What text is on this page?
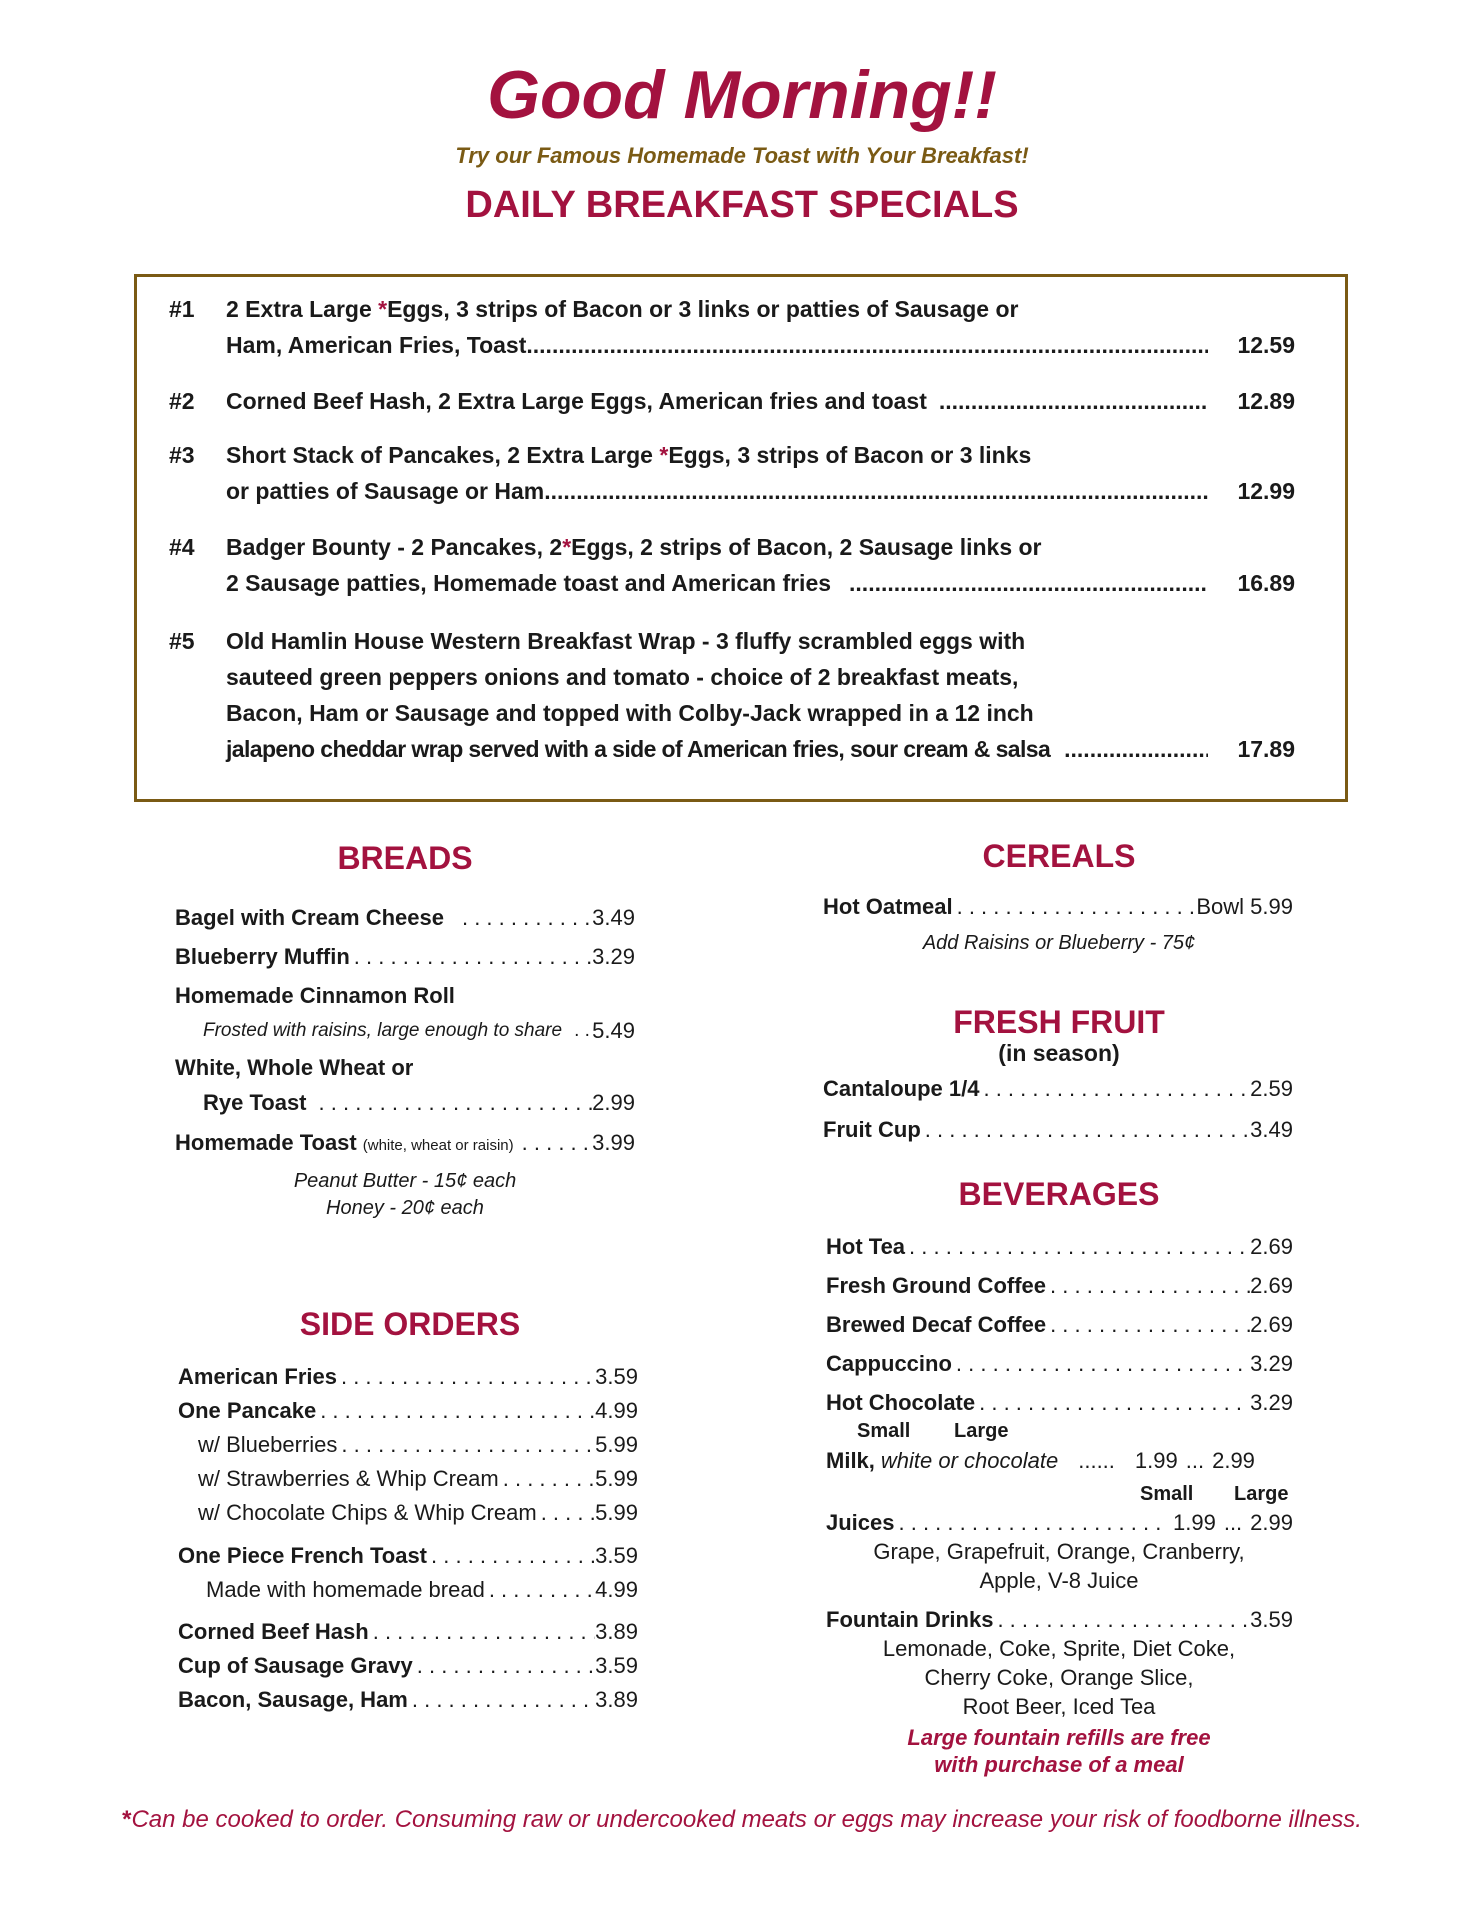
Good Morning!!
Try our Famous Homemade Toast with Your Breakfast!
DAILY BREAKFAST SPECIALS
#1	2 Extra Large *Eggs, 3 strips of Bacon or 3 links or patties of Sausage or
Ham, American Fries, Toast .....	12.59
#2	Corned Beef Hash, 2 Extra Large Eggs, American fries and toast .....	12.89
#3	Short Stack of Pancakes, 2 Extra Large *Eggs, 3 strips of Bacon or 3 links
or patties of Sausage or Ham .....	12.99
#4	Badger Bounty - 2 Pancakes, 2*Eggs, 2 strips of Bacon, 2 Sausage links or
2 Sausage patties, Homemade toast and American fries .....	16.89
#5	Old Hamlin House Western Breakfast Wrap - 3 fluffy scrambled eggs with
sauteed green peppers onions and tomato - choice of 2 breakfast meats,
Bacon, Ham or Sausage and topped with Colby-Jack wrapped in a 12 inch
jalapeno cheddar wrap served with a side of American fries, sour cream & salsa .....	17.89
BREADS
Bagel with Cream Cheese . . .	3.49
Blueberry Muffin . . .	3.29
Homemade Cinnamon Roll
Frosted with raisins, large enough to share . . . 5.49
White, Whole Wheat or
Rye Toast . . .	2.99
Homemade Toast (white, wheat or raisin) . . .	3.99
Peanut Butter - 15¢ each
Honey - 20¢ each
SIDE ORDERS
American Fries . . .	3.59
One Pancake . . .	4.99
w/ Blueberries . . .	5.99
w/ Strawberries & Whip Cream . . .	5.99
w/ Chocolate Chips & Whip Cream . . .	5.99
One Piece French Toast . . .	3.59
Made with homemade bread . . .	4.99
Corned Beef Hash . . .	3.89
Cup of Sausage Gravy . . .	3.59
Bacon, Sausage, Ham . . .	3.89
CEREALS
Hot Oatmeal . . .	Bowl 5.99
Add Raisins or Blueberry - 75¢
FRESH FRUIT
(in season)
Cantaloupe 1/4 . . .	2.59
Fruit Cup . . .	3.49
BEVERAGES
Hot Tea . . .	2.69
Fresh Ground Coffee . . .	2.69
Brewed Decaf Coffee . . .	2.69
Cappuccino . . .	3.29
Hot Chocolate . . .	3.29
Small Large
Milk, white or chocolate ...... 1.99 ... 2.99
Small Large
Juices . . .	1.99 ... 2.99
Grape, Grapefruit, Orange, Cranberry,
Apple, V-8 Juice
Fountain Drinks . . .	3.59
Lemonade, Coke, Sprite, Diet Coke,
Cherry Coke, Orange Slice,
Root Beer, Iced Tea
Large fountain refills are free
with purchase of a meal
*Can be cooked to order. Consuming raw or undercooked meats or eggs may increase your risk of foodborne illness.
